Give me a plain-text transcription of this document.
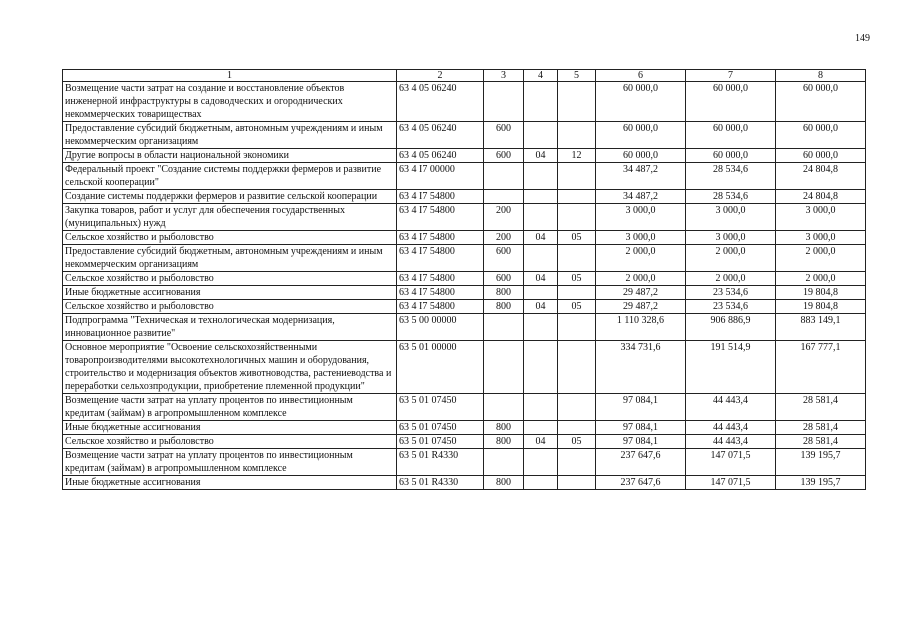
149
1	2	3	4	5	6	7	8
Возмещение части затрат на создание и восстановление объектов инженерной инфраструктуры в садоводческих и огороднических некоммерческих товариществах	63 4 05 06240				60 000,0	60 000,0	60 000,0
Предоставление субсидий бюджетным, автономным учреждениям и иным некоммерческим организациям	63 4 05 06240	600			60 000,0	60 000,0	60 000,0
Другие вопросы в области национальной экономики	63 4 05 06240	600	04	12	60 000,0	60 000,0	60 000,0
Федеральный проект "Создание системы поддержки фермеров и развитие сельской кооперации"	63 4 I7 00000				34 487,2	28 534,6	24 804,8
Создание системы поддержки фермеров и развитие сельской кооперации	63 4 I7 54800				34 487,2	28 534,6	24 804,8
Закупка товаров, работ и услуг для обеспечения государственных (муниципальных) нужд	63 4 I7 54800	200			3 000,0	3 000,0	3 000,0
Сельское хозяйство и рыболовство	63 4 I7 54800	200	04	05	3 000,0	3 000,0	3 000,0
Предоставление субсидий бюджетным, автономным учреждениям и иным некоммерческим организациям	63 4 I7 54800	600			2 000,0	2 000,0	2 000,0
Сельское хозяйство и рыболовство	63 4 I7 54800	600	04	05	2 000,0	2 000,0	2 000,0
Иные бюджетные ассигнования	63 4 I7 54800	800			29 487,2	23 534,6	19 804,8
Сельское хозяйство и рыболовство	63 4 I7 54800	800	04	05	29 487,2	23 534,6	19 804,8
Подпрограмма "Техническая и технологическая модернизация, инновационное развитие"	63 5 00 00000				1 110 328,6	906 886,9	883 149,1
Основное мероприятие "Освоение сельскохозяйственными товаропроизводителями высокотехнологичных машин и оборудования, строительство и модернизация объектов животноводства, растениеводства и переработки сельхозпродукции, приобретение племенной продукции"	63 5 01 00000				334 731,6	191 514,9	167 777,1
Возмещение части затрат на уплату процентов по инвестиционным кредитам (займам) в агропромышленном комплексе	63 5 01 07450				97 084,1	44 443,4	28 581,4
Иные бюджетные ассигнования	63 5 01 07450	800			97 084,1	44 443,4	28 581,4
Сельское хозяйство и рыболовство	63 5 01 07450	800	04	05	97 084,1	44 443,4	28 581,4
Возмещение части затрат на уплату процентов по инвестиционным кредитам (займам) в агропромышленном комплексе	63 5 01 R4330				237 647,6	147 071,5	139 195,7
Иные бюджетные ассигнования	63 5 01 R4330	800			237 647,6	147 071,5	139 195,7
